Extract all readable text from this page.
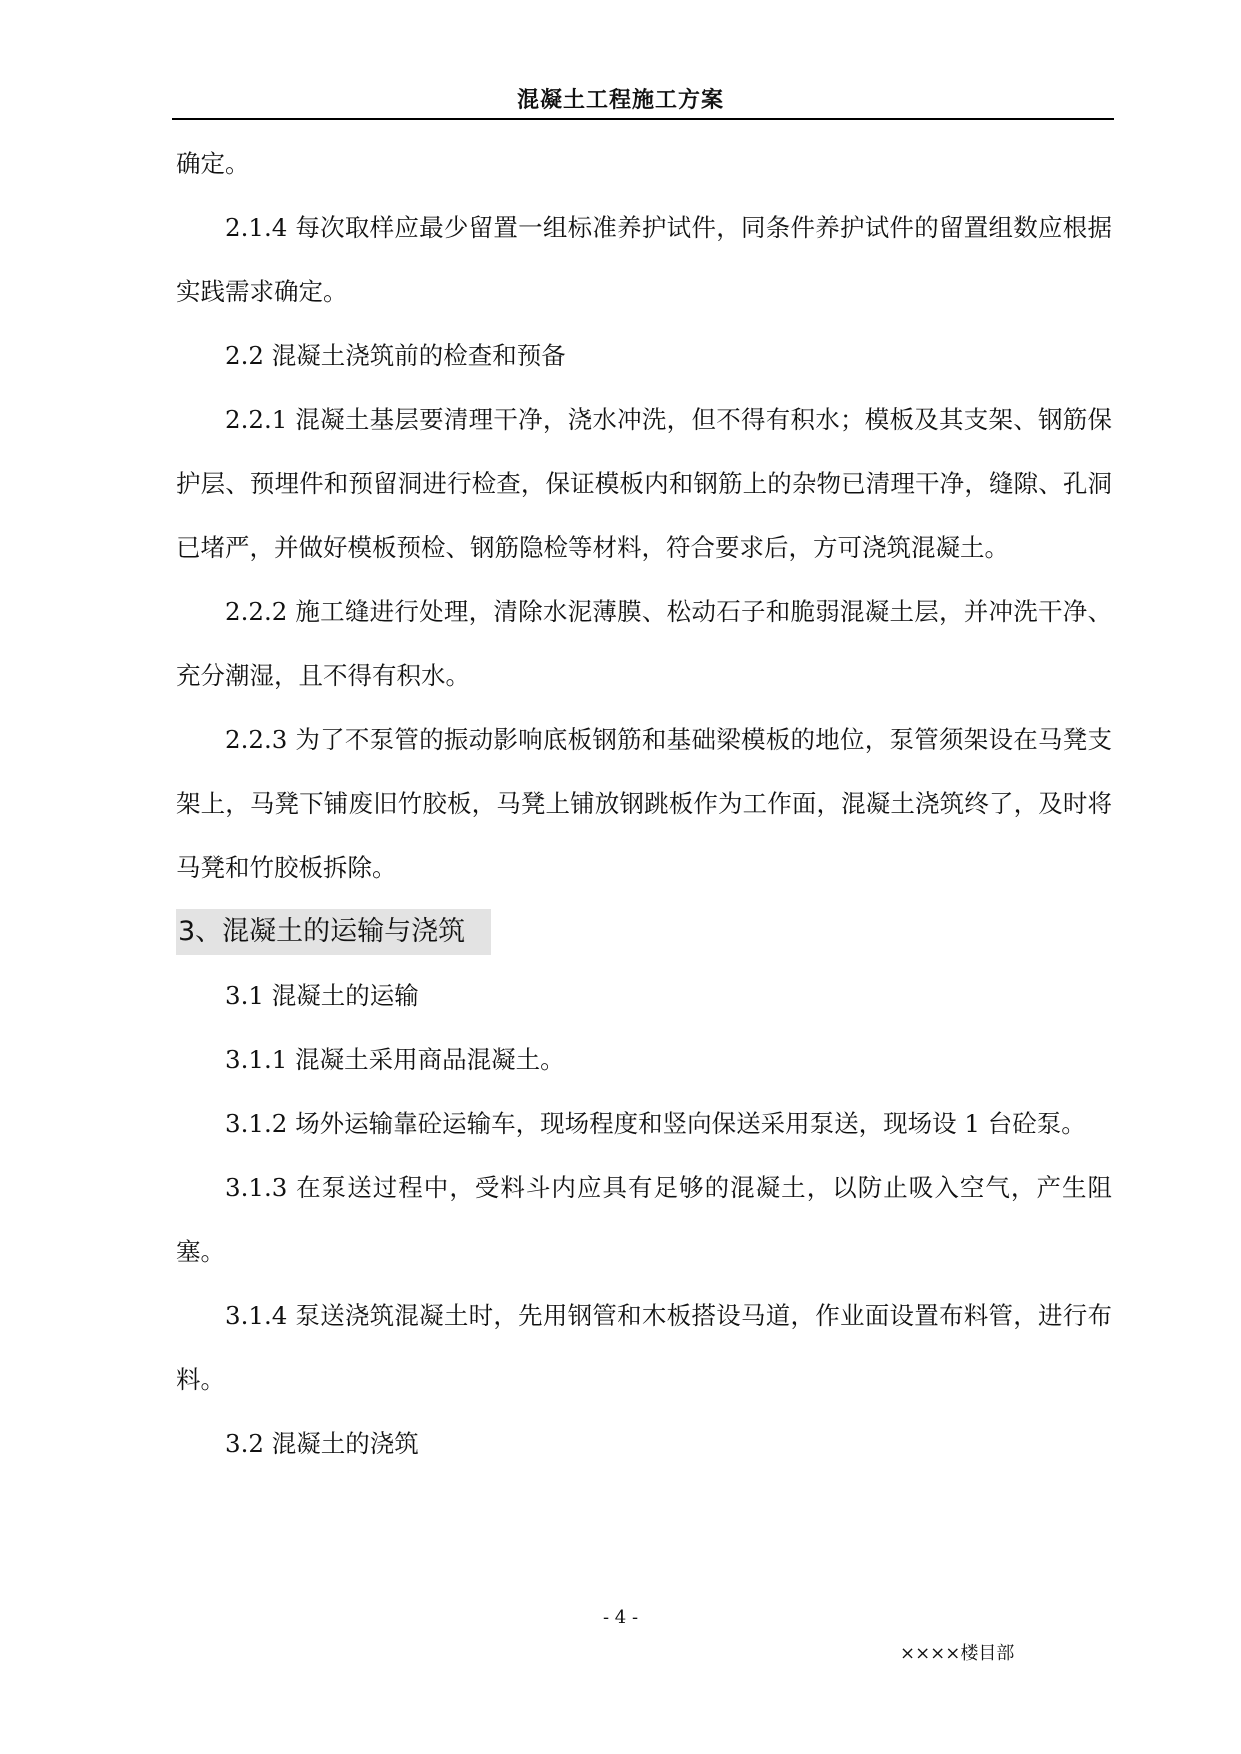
混凝土工程施工方案

确定。

2.1.4 每次取样应最少留置一组标准养护试件，同条件养护试件的留置组数应根据实践需求确定。

2.2 混凝土浇筑前的检查和预备

2.2.1 混凝土基层要清理干净，浇水冲洗，但不得有积水；模板及其支架、钢筋保护层、预埋件和预留洞进行检查，保证模板内和钢筋上的杂物已清理干净，缝隙、孔洞已堵严，并做好模板预检、钢筋隐检等材料，符合要求后，方可浇筑混凝土。

2.2.2 施工缝进行处理，清除水泥薄膜、松动石子和脆弱混凝土层，并冲洗干净、充分潮湿，且不得有积水。

2.2.3 为了不泵管的振动影响底板钢筋和基础梁模板的地位，泵管须架设在马凳支架上，马凳下铺废旧竹胶板，马凳上铺放钢跳板作为工作面，混凝土浇筑终了，及时将马凳和竹胶板拆除。

3、混凝土的运输与浇筑

3.1 混凝土的运输

3.1.1 混凝土采用商品混凝土。

3.1.2 场外运输靠砼运输车，现场程度和竖向保送采用泵送，现场设 1 台砼泵。

3.1.3 在泵送过程中，受料斗内应具有足够的混凝土，以防止吸入空气，产生阻塞。

3.1.4 泵送浇筑混凝土时，先用钢管和木板搭设马道，作业面设置布料管，进行布料。

3.2 混凝土的浇筑

- 4 -
××××楼目部
